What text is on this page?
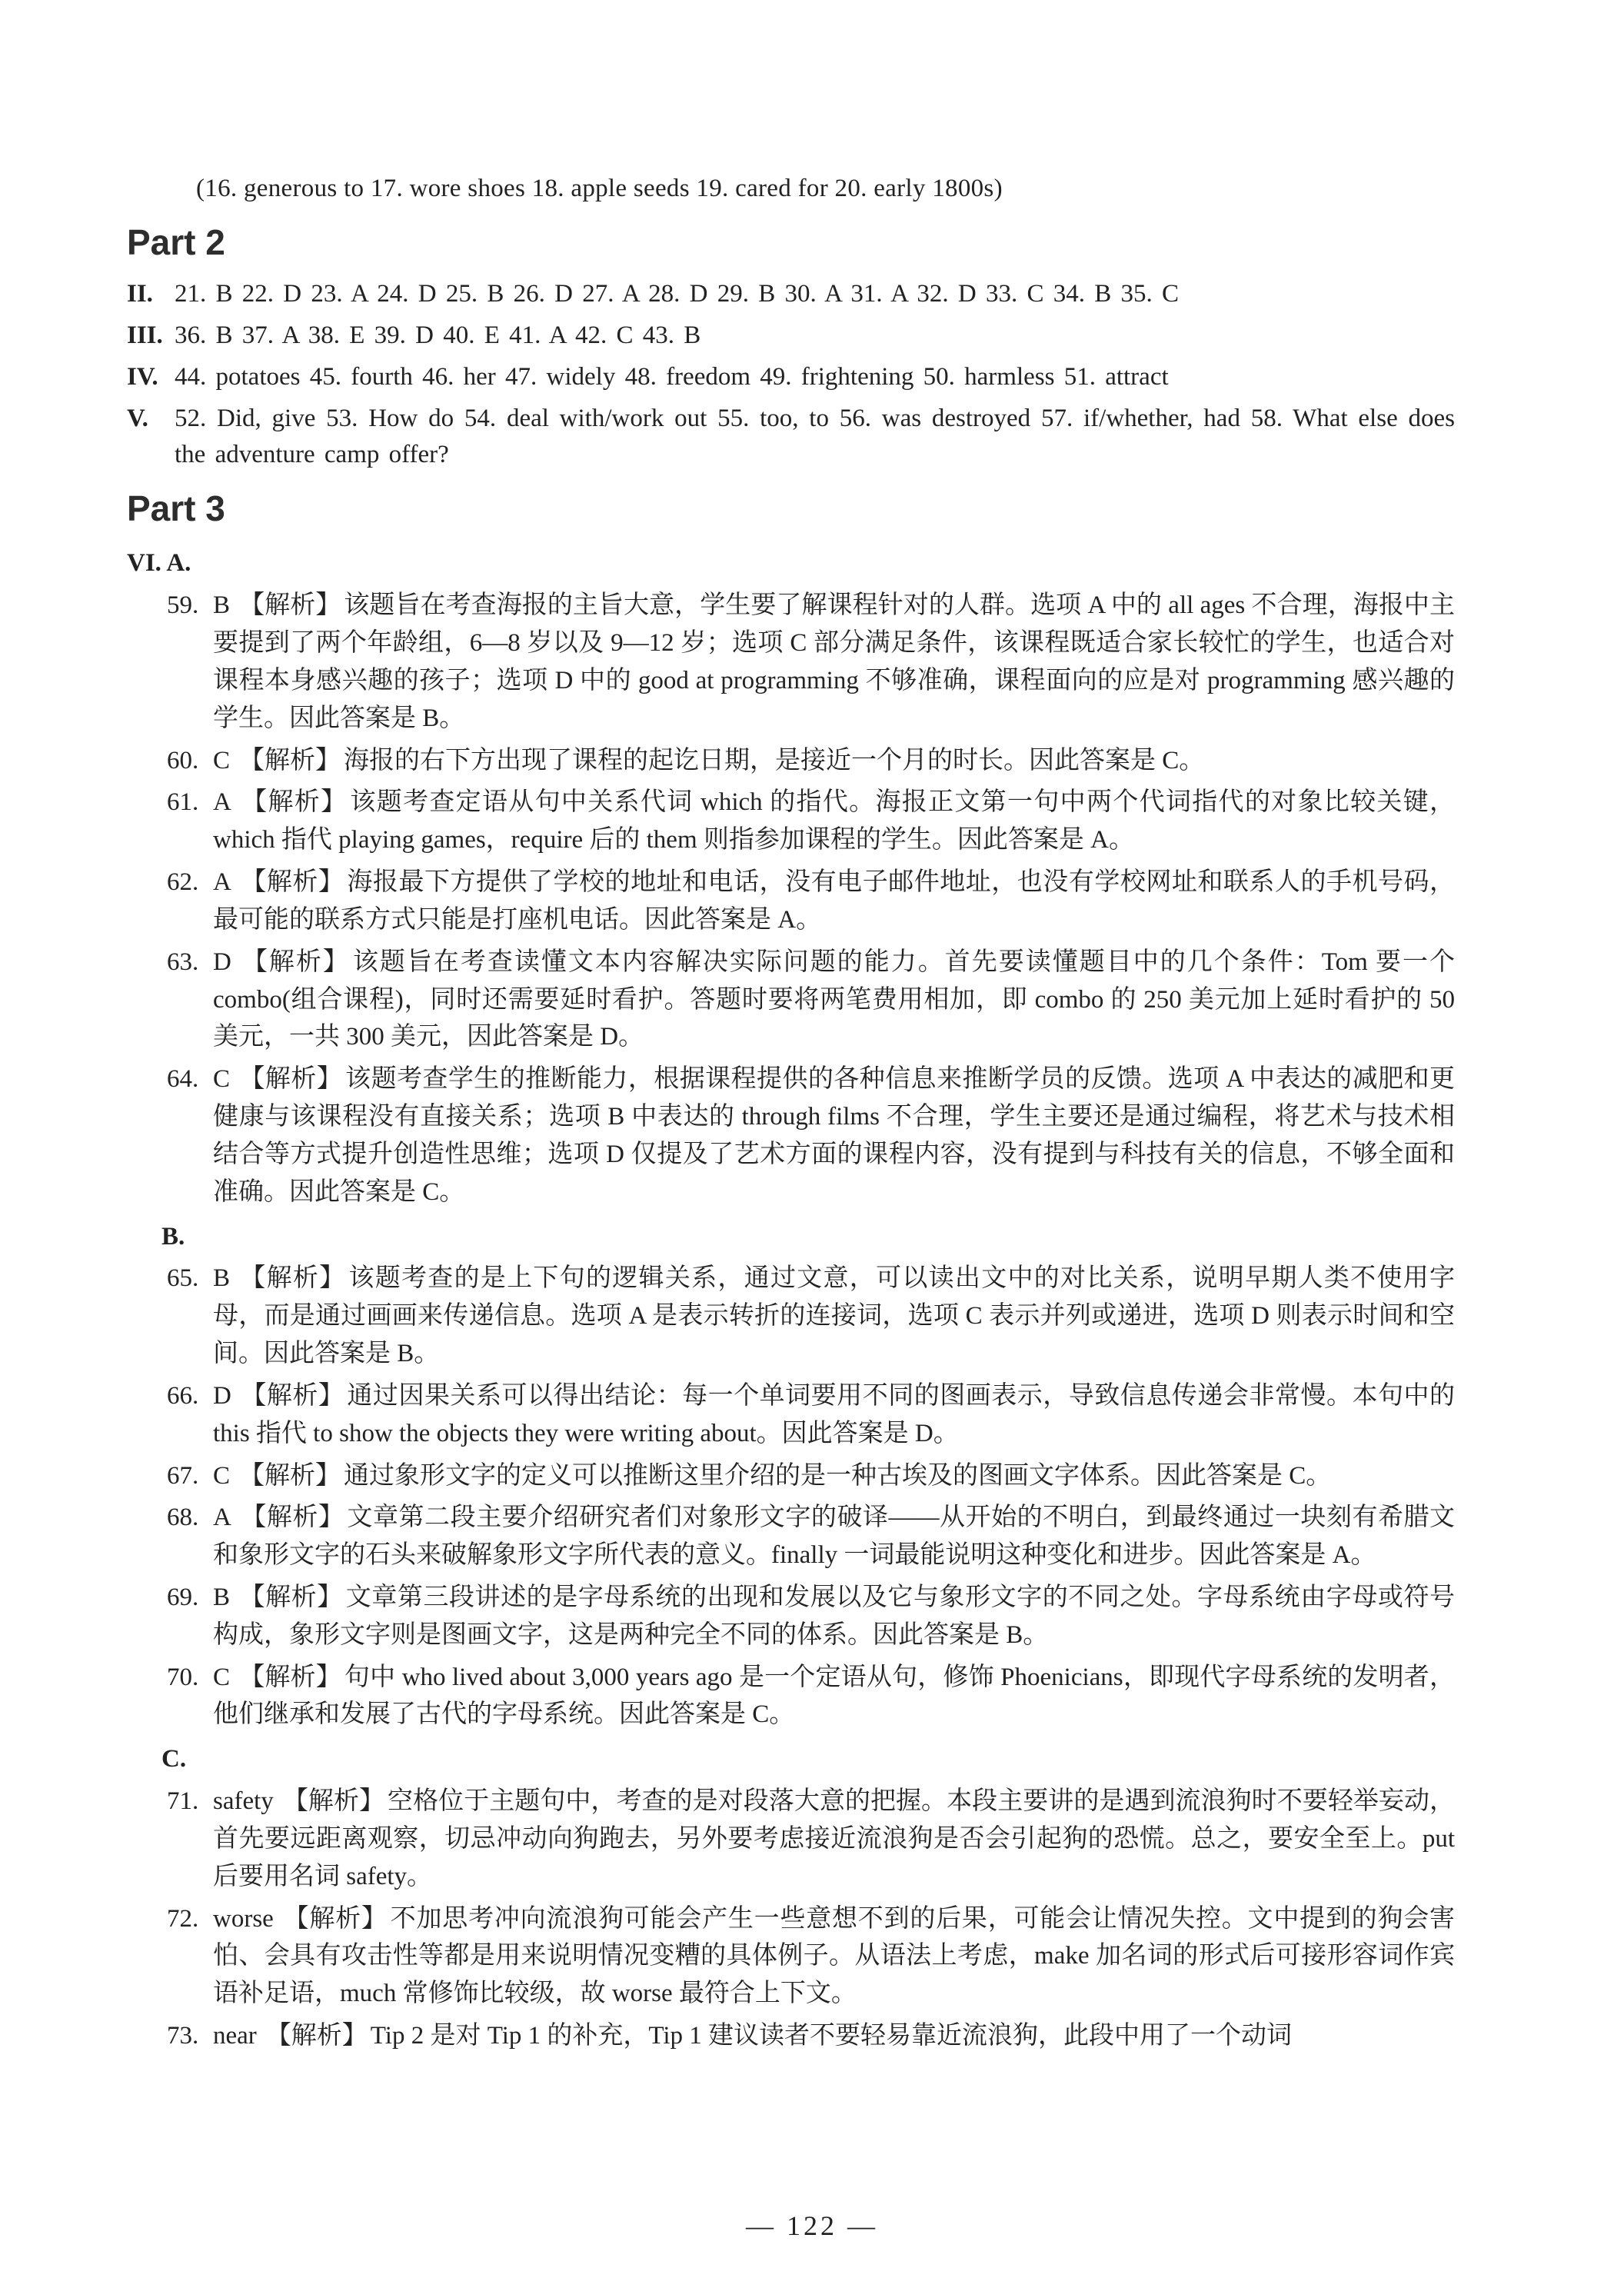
(16. generous to 17. wore shoes 18. apple seeds 19. cared for 20. early 1800s)
Part 2
II. 21. B 22. D 23. A 24. D 25. B 26. D 27. A 28. D 29. B 30. A 31. A 32. D 33. C 34. B 35. C
III. 36. B 37. A 38. E 39. D 40. E 41. A 42. C 43. B
IV. 44. potatoes 45. fourth 46. her 47. widely 48. freedom 49. frightening 50. harmless 51. attract
V. 52. Did, give 53. How do 54. deal with/work out 55. too, to 56. was destroyed 57. if/whether, had 58. What else does the adventure camp offer?
Part 3
VI. A.
59. B 【解析】 该题旨在考查海报的主旨大意，学生要了解课程针对的人群。选项 A 中的 all ages 不合理，海报中主要提到了两个年龄组，6—8 岁以及 9—12 岁；选项 C 部分满足条件，该课程既适合家长较忙的学生，也适合对课程本身感兴趣的孩子；选项 D 中的 good at programming 不够准确，课程面向的应是对 programming 感兴趣的学生。因此答案是 B。
60. C 【解析】 海报的右下方出现了课程的起讫日期，是接近一个月的时长。因此答案是 C。
61. A 【解析】 该题考查定语从句中关系代词 which 的指代。海报正文第一句中两个代词指代的对象比较关键，which 指代 playing games，require 后的 them 则指参加课程的学生。因此答案是 A。
62. A 【解析】 海报最下方提供了学校的地址和电话，没有电子邮件地址，也没有学校网址和联系人的手机号码，最可能的联系方式只能是打座机电话。因此答案是 A。
63. D 【解析】 该题旨在考查读懂文本内容解决实际问题的能力。首先要读懂题目中的几个条件：Tom 要一个 combo(组合课程)，同时还需要延时看护。答题时要将两笔费用相加，即 combo 的 250 美元加上延时看护的 50 美元，一共 300 美元，因此答案是 D。
64. C 【解析】 该题考查学生的推断能力，根据课程提供的各种信息来推断学员的反馈。选项 A 中表达的减肥和更健康与该课程没有直接关系；选项 B 中表达的 through films 不合理，学生主要还是通过编程，将艺术与技术相结合等方式提升创造性思维；选项 D 仅提及了艺术方面的课程内容，没有提到与科技有关的信息，不够全面和准确。因此答案是 C。
B.
65. B 【解析】 该题考查的是上下句的逻辑关系，通过文意，可以读出文中的对比关系，说明早期人类不使用字母，而是通过画画来传递信息。选项 A 是表示转折的连接词，选项 C 表示并列或递进，选项 D 则表示时间和空间。因此答案是 B。
66. D 【解析】 通过因果关系可以得出结论：每一个单词要用不同的图画表示，导致信息传递会非常慢。本句中的 this 指代 to show the objects they were writing about。因此答案是 D。
67. C 【解析】 通过象形文字的定义可以推断这里介绍的是一种古埃及的图画文字体系。因此答案是 C。
68. A 【解析】 文章第二段主要介绍研究者们对象形文字的破译——从开始的不明白，到最终通过一块刻有希腊文和象形文字的石头来破解象形文字所代表的意义。finally 一词最能说明这种变化和进步。因此答案是 A。
69. B 【解析】 文章第三段讲述的是字母系统的出现和发展以及它与象形文字的不同之处。字母系统由字母或符号构成，象形文字则是图画文字，这是两种完全不同的体系。因此答案是 B。
70. C 【解析】 句中 who lived about 3,000 years ago 是一个定语从句，修饰 Phoenicians，即现代字母系统的发明者，他们继承和发展了古代的字母系统。因此答案是 C。
C.
71. safety 【解析】 空格位于主题句中，考查的是对段落大意的把握。本段主要讲的是遇到流浪狗时不要轻举妄动，首先要远距离观察，切忌冲动向狗跑去，另外要考虑接近流浪狗是否会引起狗的恐慌。总之，要安全至上。put 后要用名词 safety。
72. worse 【解析】 不加思考冲向流浪狗可能会产生一些意想不到的后果，可能会让情况失控。文中提到的狗会害怕、会具有攻击性等都是用来说明情况变糟的具体例子。从语法上考虑，make 加名词的形式后可接形容词作宾语补足语，much 常修饰比较级，故 worse 最符合上下文。
73. near 【解析】 Tip 2 是对 Tip 1 的补充，Tip 1 建议读者不要轻易靠近流浪狗，此段中用了一个动词
— 122 —
